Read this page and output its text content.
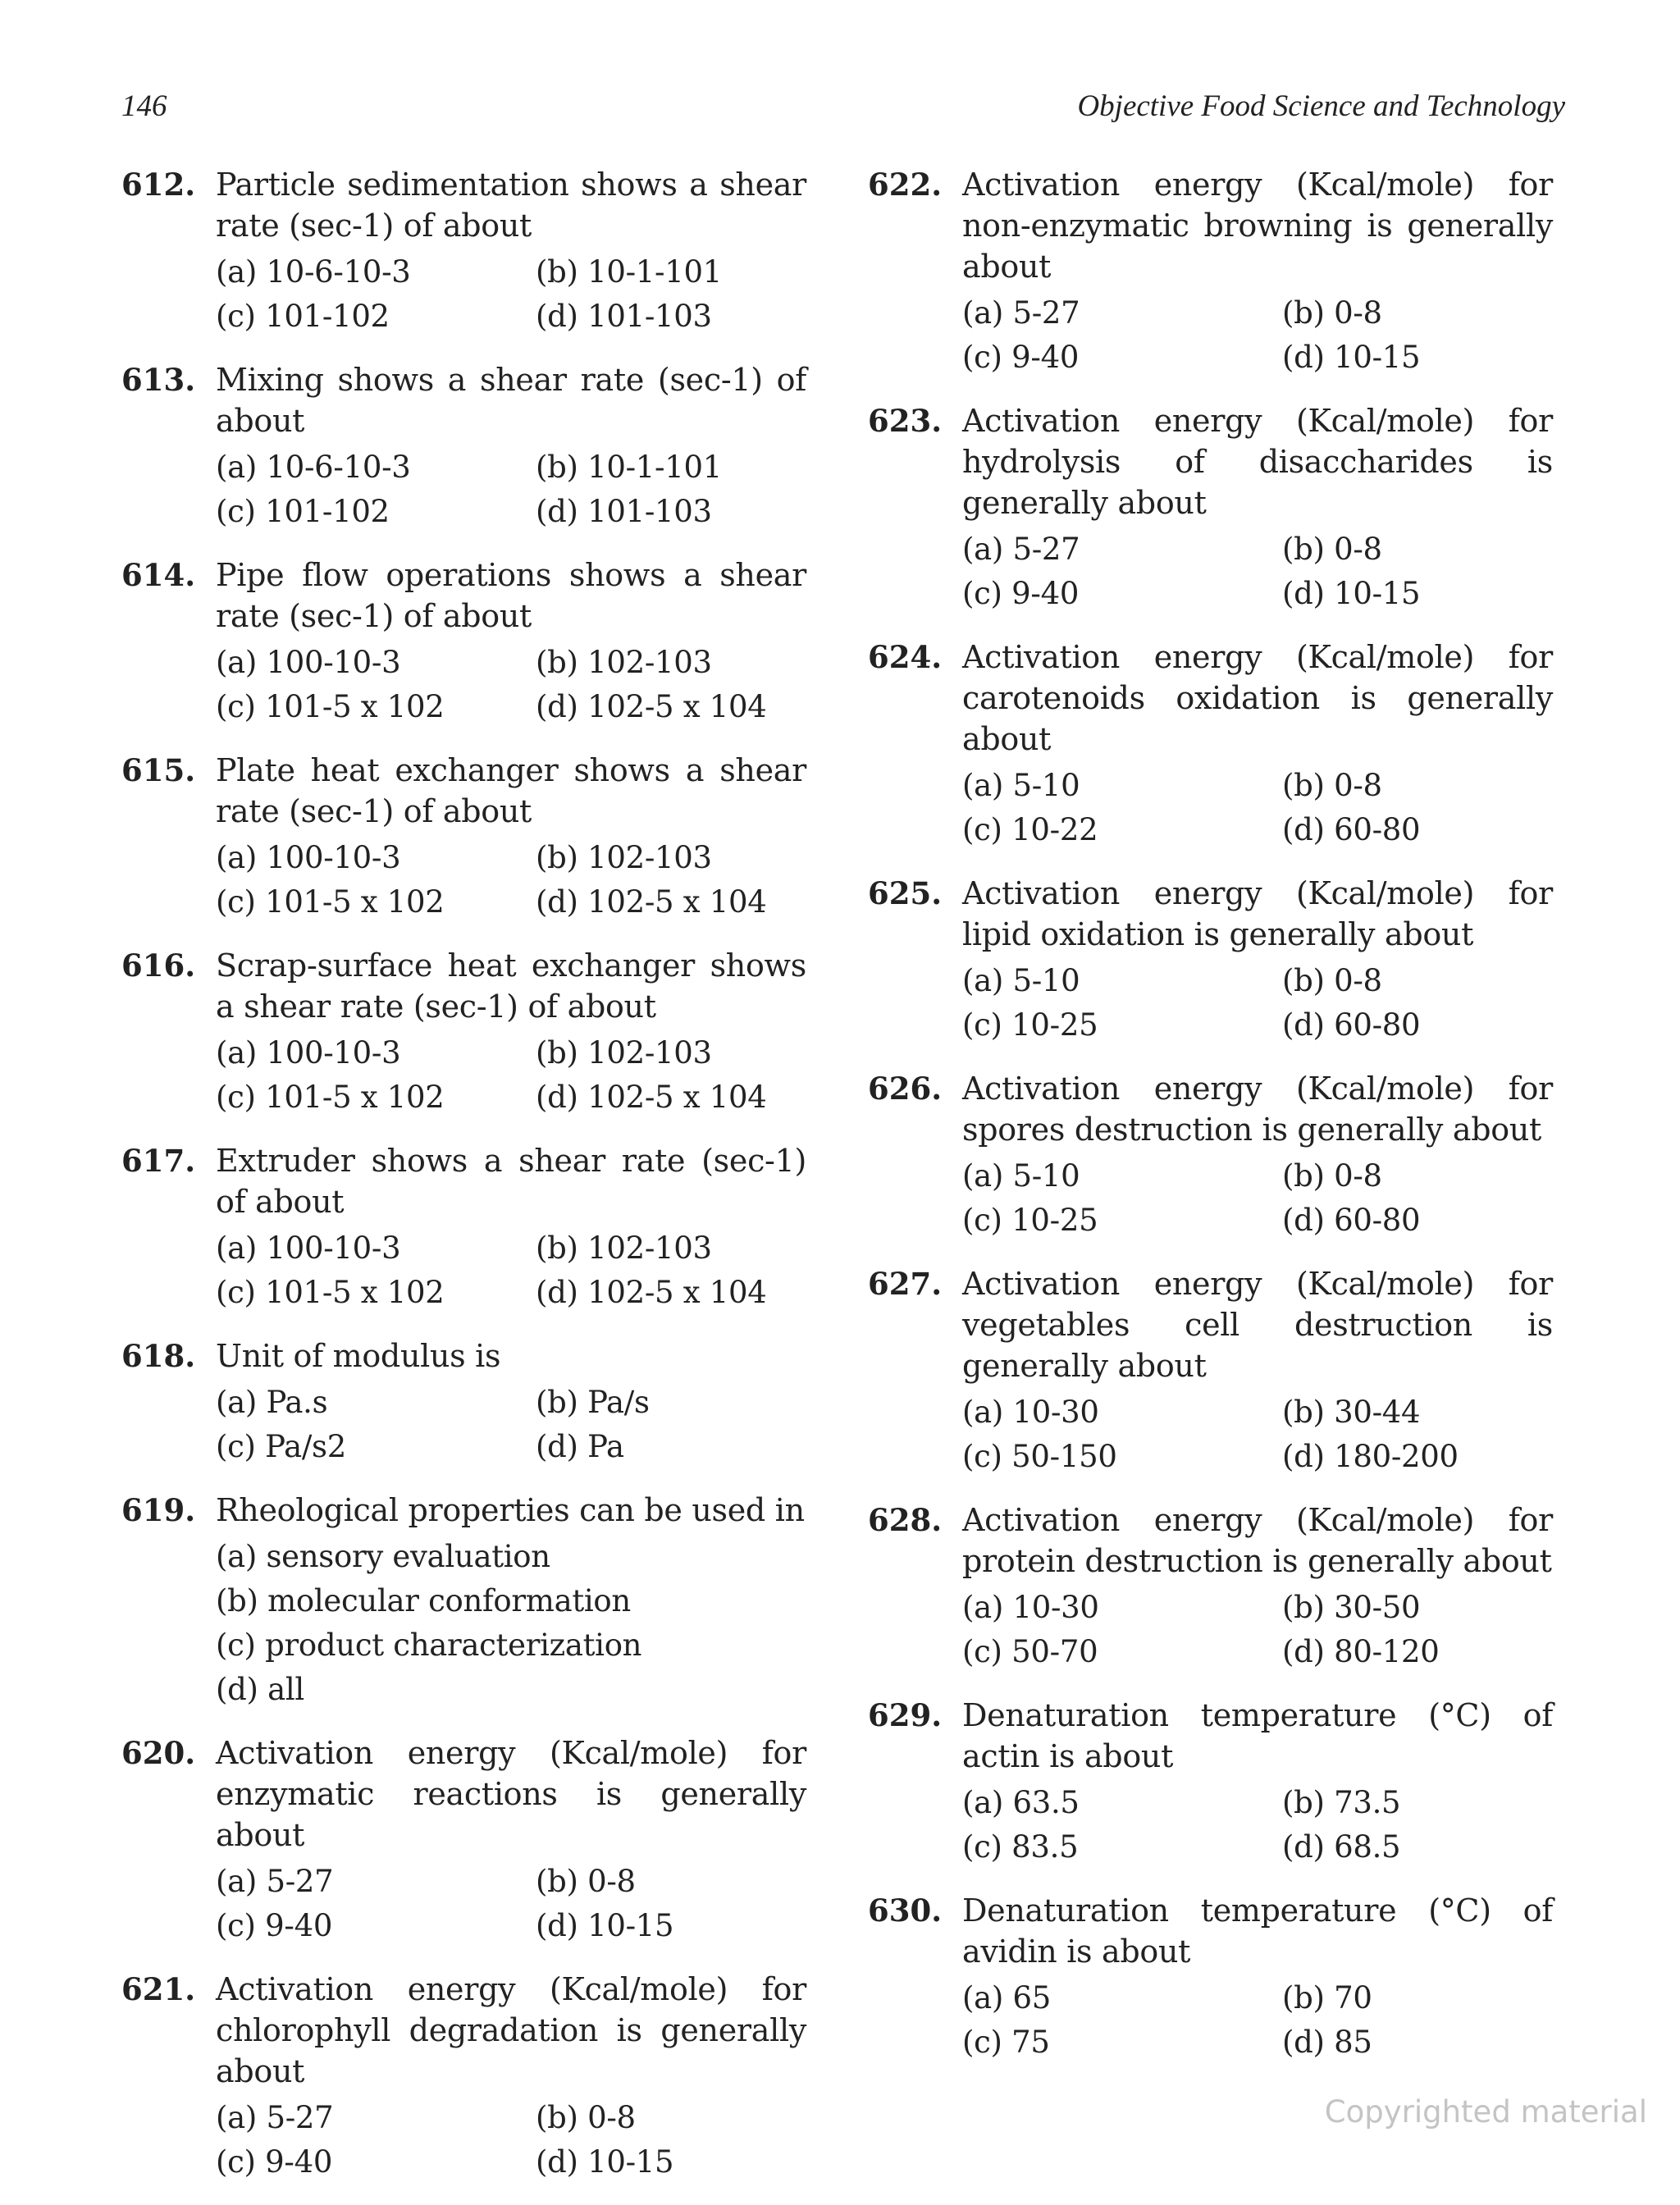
146	Objective Food Science and Technology
612. Particle sedimentation shows a shear rate (sec-1) of about
(a) 10-6-10-3	(b) 10-1-101
(c) 101-102	(d) 101-103
613. Mixing shows a shear rate (sec-1) of about
(a) 10-6-10-3	(b) 10-1-101
(c) 101-102	(d) 101-103
614. Pipe flow operations shows a shear rate (sec-1) of about
(a) 100-10-3	(b) 102-103
(c) 101-5 x 102	(d) 102-5 x 104
615. Plate heat exchanger shows a shear rate (sec-1) of about
(a) 100-10-3	(b) 102-103
(c) 101-5 x 102	(d) 102-5 x 104
616. Scrap-surface heat exchanger shows a shear rate (sec-1) of about
(a) 100-10-3	(b) 102-103
(c) 101-5 x 102	(d) 102-5 x 104
617. Extruder shows a shear rate (sec-1) of about
(a) 100-10-3	(b) 102-103
(c) 101-5 x 102	(d) 102-5 x 104
618. Unit of modulus is
(a) Pa.s	(b) Pa/s
(c) Pa/s2	(d) Pa
619. Rheological properties can be used in
(a) sensory evaluation
(b) molecular conformation
(c) product characterization
(d) all
620. Activation energy (Kcal/mole) for enzymatic reactions is generally about
(a) 5-27	(b) 0-8
(c) 9-40	(d) 10-15
621. Activation energy (Kcal/mole) for chlorophyll degradation is generally about
(a) 5-27	(b) 0-8
(c) 9-40	(d) 10-15
622. Activation energy (Kcal/mole) for non-enzymatic browning is generally about
(a) 5-27	(b) 0-8
(c) 9-40	(d) 10-15
623. Activation energy (Kcal/mole) for hydrolysis of disaccharides is generally about
(a) 5-27	(b) 0-8
(c) 9-40	(d) 10-15
624. Activation energy (Kcal/mole) for carotenoids oxidation is generally about
(a) 5-10	(b) 0-8
(c) 10-22	(d) 60-80
625. Activation energy (Kcal/mole) for lipid oxidation is generally about
(a) 5-10	(b) 0-8
(c) 10-25	(d) 60-80
626. Activation energy (Kcal/mole) for spores destruction is generally about
(a) 5-10	(b) 0-8
(c) 10-25	(d) 60-80
627. Activation energy (Kcal/mole) for vegetables cell destruction is generally about
(a) 10-30	(b) 30-44
(c) 50-150	(d) 180-200
628. Activation energy (Kcal/mole) for protein destruction is generally about
(a) 10-30	(b) 30-50
(c) 50-70	(d) 80-120
629. Denaturation temperature (°C) of actin is about
(a) 63.5	(b) 73.5
(c) 83.5	(d) 68.5
630. Denaturation temperature (°C) of avidin is about
(a) 65	(b) 70
(c) 75	(d) 85
Copyrighted material
